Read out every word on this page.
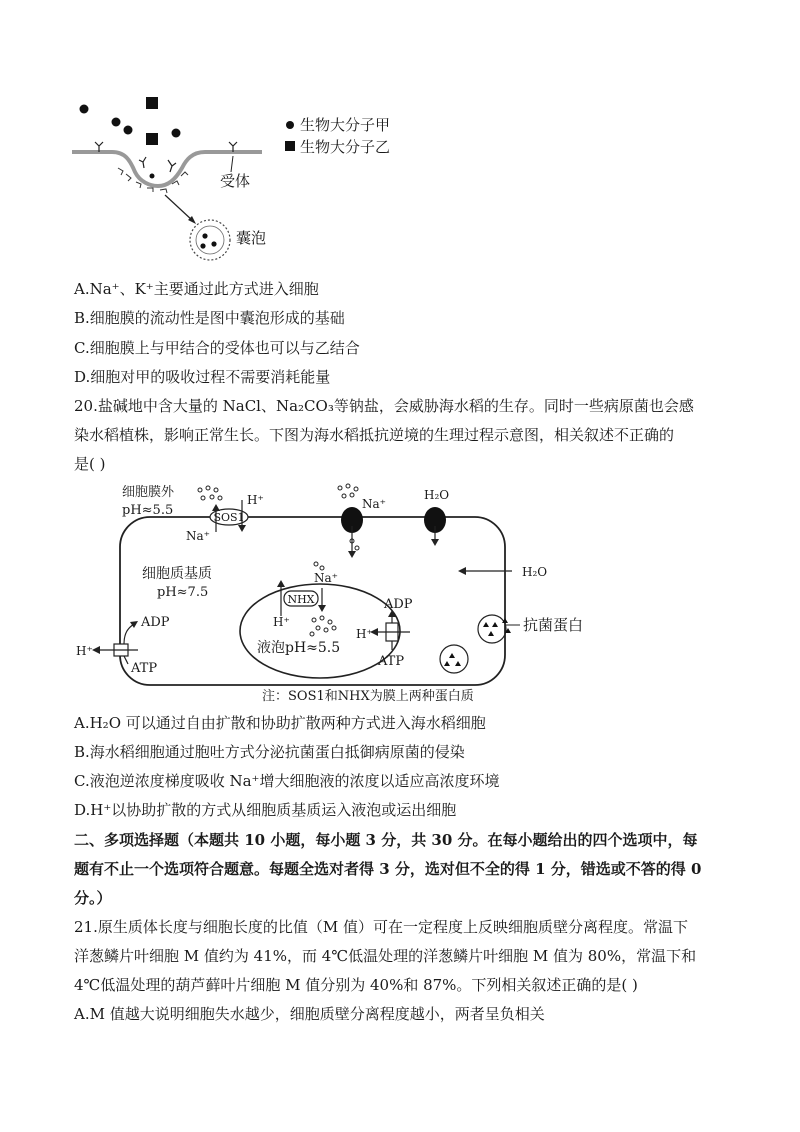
生物大分子甲
生物大分子乙
受体
囊泡
A.Na⁺、K⁺主要通过此方式进入细胞
B.细胞膜的流动性是图中囊泡形成的基础
C.细胞膜上与甲结合的受体也可以与乙结合
D.细胞对甲的吸收过程不需要消耗能量
20.盐碱地中含大量的 NaCl、Na₂CO₃等钠盐，会威胁海水稻的生存。同时一些病原菌也会感
染水稻植株，影响正常生长。下图为海水稻抵抗逆境的生理过程示意图，相关叙述不正确的
是( )
细胞膜外
pH≈5.5	SOS1
H⁺
Na⁺
Na⁺
H₂O
细胞质基质
pH≈7.5
H₂O
NHX
H⁺
Na⁺
液泡pH≈5.5
H⁺
ADP
ATP
H⁺
ADP
ATP
抗菌蛋白
注：SOS1和NHX为膜上两种蛋白质
A.H₂O 可以通过自由扩散和协助扩散两种方式进入海水稻细胞
B.海水稻细胞通过胞吐方式分泌抗菌蛋白抵御病原菌的侵染
C.液泡逆浓度梯度吸收 Na⁺增大细胞液的浓度以适应高浓度环境
D.H⁺以协助扩散的方式从细胞质基质运入液泡或运出细胞
二、多项选择题（本题共 10 小题，每小题 3 分，共 30 分。在每小题给出的四个选项中，每
题有不止一个选项符合题意。每题全选对者得 3 分，选对但不全的得 1 分，错选或不答的得 0
分。）
21.原生质体长度与细胞长度的比值（M 值）可在一定程度上反映细胞质壁分离程度。常温下
洋葱鳞片叶细胞 M 值约为 41%，而 4℃低温处理的洋葱鳞片叶细胞 M 值为 80%，常温下和
4℃低温处理的葫芦藓叶片细胞 M 值分别为 40%和 87%。下列相关叙述正确的是( )
A.M 值越大说明细胞失水越少，细胞质壁分离程度越小，两者呈负相关
